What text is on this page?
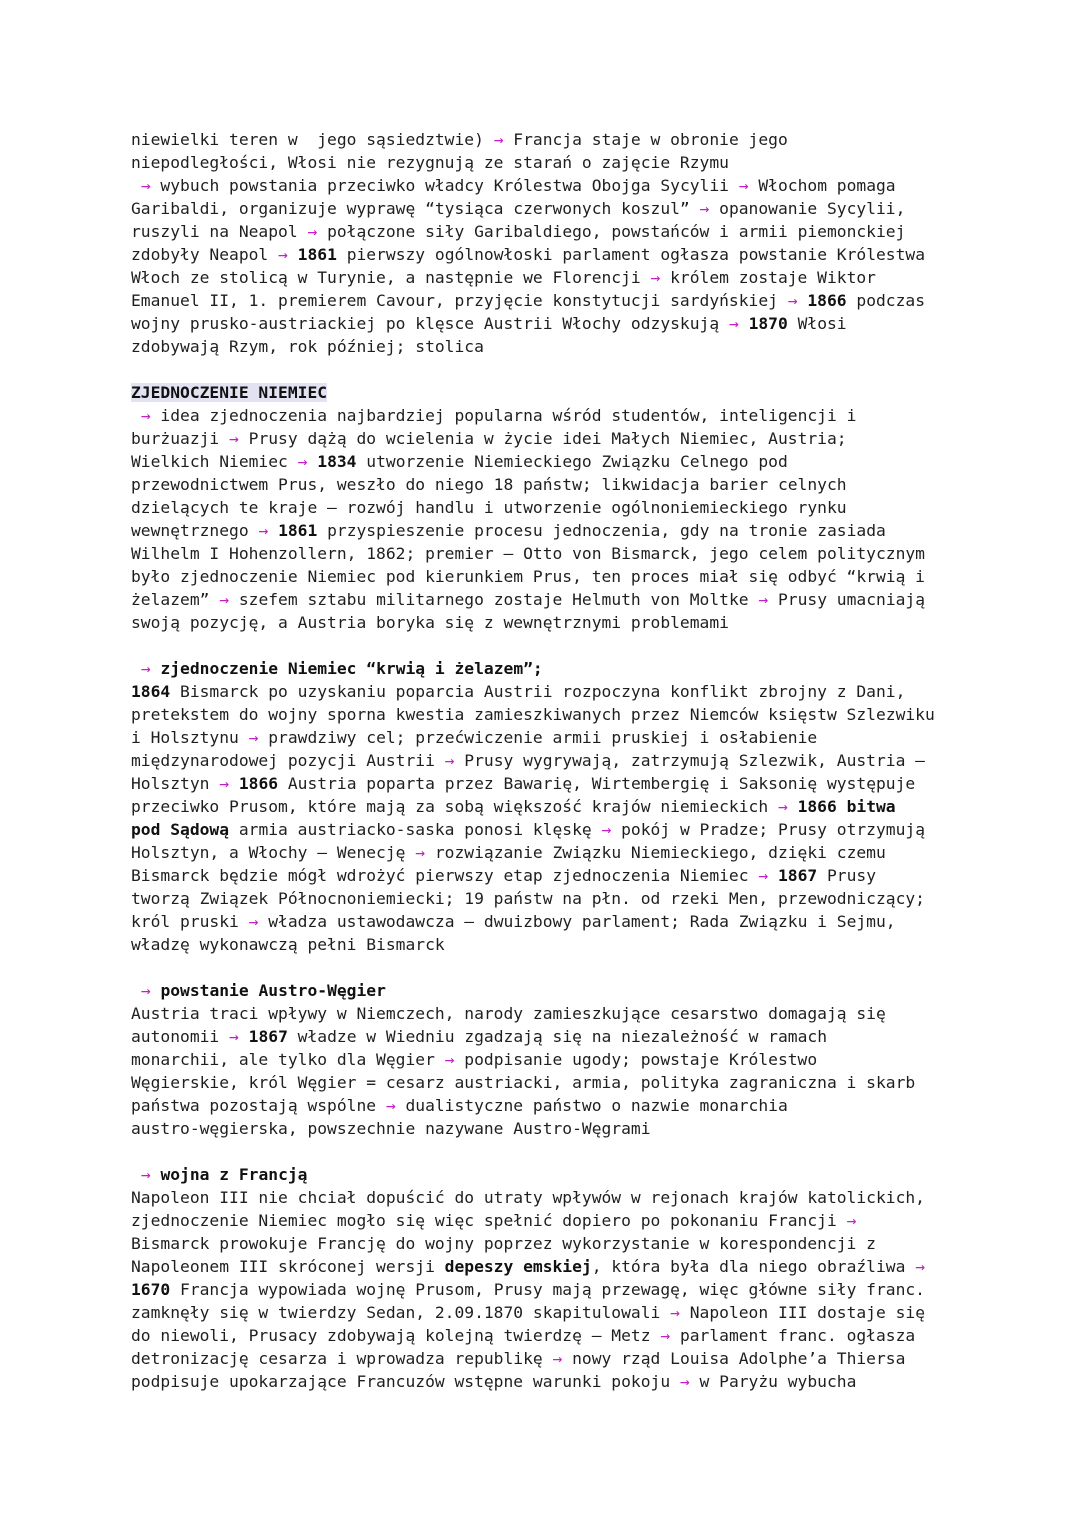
niewielki teren w  jego sąsiedztwie) → Francja staje w obronie jego
niepodległości, Włosi nie rezygnują ze starań o zajęcie Rzymu
→ wybuch powstania przeciwko władcy Królestwa Obojga Sycylii → Włochom pomaga
Garibaldi, organizuje wyprawę “tysiąca czerwonych koszul” → opanowanie Sycylii,
ruszyli na Neapol → połączone siły Garibaldiego, powstańców i armii piemonckiej
zdobyły Neapol → 1861 pierwszy ogólnowłoski parlament ogłasza powstanie Królestwa
Włoch ze stolicą w Turynie, a następnie we Florencji → królem zostaje Wiktor
Emanuel II, 1. premierem Cavour, przyjęcie konstytucji sardyńskiej → 1866 podczas
wojny prusko-austriackiej po klęsce Austrii Włochy odzyskują → 1870 Włosi
zdobywają Rzym, rok później; stolica
ZJEDNOCZENIE NIEMIEC
→ idea zjednoczenia najbardziej popularna wśród studentów, inteligencji i
burżuazji → Prusy dążą do wcielenia w życie idei Małych Niemiec, Austria;
Wielkich Niemiec → 1834 utworzenie Niemieckiego Związku Celnego pod
przewodnictwem Prus, weszło do niego 18 państw; likwidacja barier celnych
dzielących te kraje – rozwój handlu i utworzenie ogólnoniemieckiego rynku
wewnętrznego → 1861 przyspieszenie procesu jednoczenia, gdy na tronie zasiada
Wilhelm I Hohenzollern, 1862; premier – Otto von Bismarck, jego celem politycznym
było zjednoczenie Niemiec pod kierunkiem Prus, ten proces miał się odbyć “krwią i
żelazem” → szefem sztabu militarnego zostaje Helmuth von Moltke → Prusy umacniają
swoją pozycję, a Austria boryka się z wewnętrznymi problemami
→ zjednoczenie Niemiec “krwią i żelazem”;
1864 Bismarck po uzyskaniu poparcia Austrii rozpoczyna konflikt zbrojny z Dani,
pretekstem do wojny sporna kwestia zamieszkiwanych przez Niemców księstw Szlezwiku
i Holsztynu → prawdziwy cel; przećwiczenie armii pruskiej i osłabienie
międzynarodowej pozycji Austrii → Prusy wygrywają, zatrzymują Szlezwik, Austria –
Holsztyn → 1866 Austria poparta przez Bawarię, Wirtembergię i Saksonię występuje
przeciwko Prusom, które mają za sobą większość krajów niemieckich → 1866 bitwa
pod Sądową armia austriacko-saska ponosi klęskę → pokój w Pradze; Prusy otrzymują
Holsztyn, a Włochy – Wenecję → rozwiązanie Związku Niemieckiego, dzięki czemu
Bismarck będzie mógł wdrożyć pierwszy etap zjednoczenia Niemiec → 1867 Prusy
tworzą Związek Północnoniemiecki; 19 państw na płn. od rzeki Men, przewodniczący;
król pruski → władza ustawodawcza – dwuizbowy parlament; Rada Związku i Sejmu,
władzę wykonawczą pełni Bismarck
→ powstanie Austro-Węgier
Austria traci wpływy w Niemczech, narody zamieszkujące cesarstwo domagają się
autonomii → 1867 władze w Wiedniu zgadzają się na niezależność w ramach
monarchii, ale tylko dla Węgier → podpisanie ugody; powstaje Królestwo
Węgierskie, król Węgier = cesarz austriacki, armia, polityka zagraniczna i skarb
państwa pozostają wspólne → dualistyczne państwo o nazwie monarchia
austro-węgierska, powszechnie nazywane Austro-Węgrami
→ wojna z Francją
Napoleon III nie chciał dopuścić do utraty wpływów w rejonach krajów katolickich,
zjednoczenie Niemiec mogło się więc spełnić dopiero po pokonaniu Francji →
Bismarck prowokuje Francję do wojny poprzez wykorzystanie w korespondencji z
Napoleonem III skróconej wersji depeszy emskiej, która była dla niego obraźliwa →
1670 Francja wypowiada wojnę Prusom, Prusy mają przewagę, więc główne siły franc.
zamknęły się w twierdzy Sedan, 2.09.1870 skapitulowali → Napoleon III dostaje się
do niewoli, Prusacy zdobywają kolejną twierdzę – Metz → parlament franc. ogłasza
detronizację cesarza i wprowadza republikę → nowy rząd Louisa Adolphe’a Thiersa
podpisuje upokarzające Francuzów wstępne warunki pokoju → w Paryżu wybucha
